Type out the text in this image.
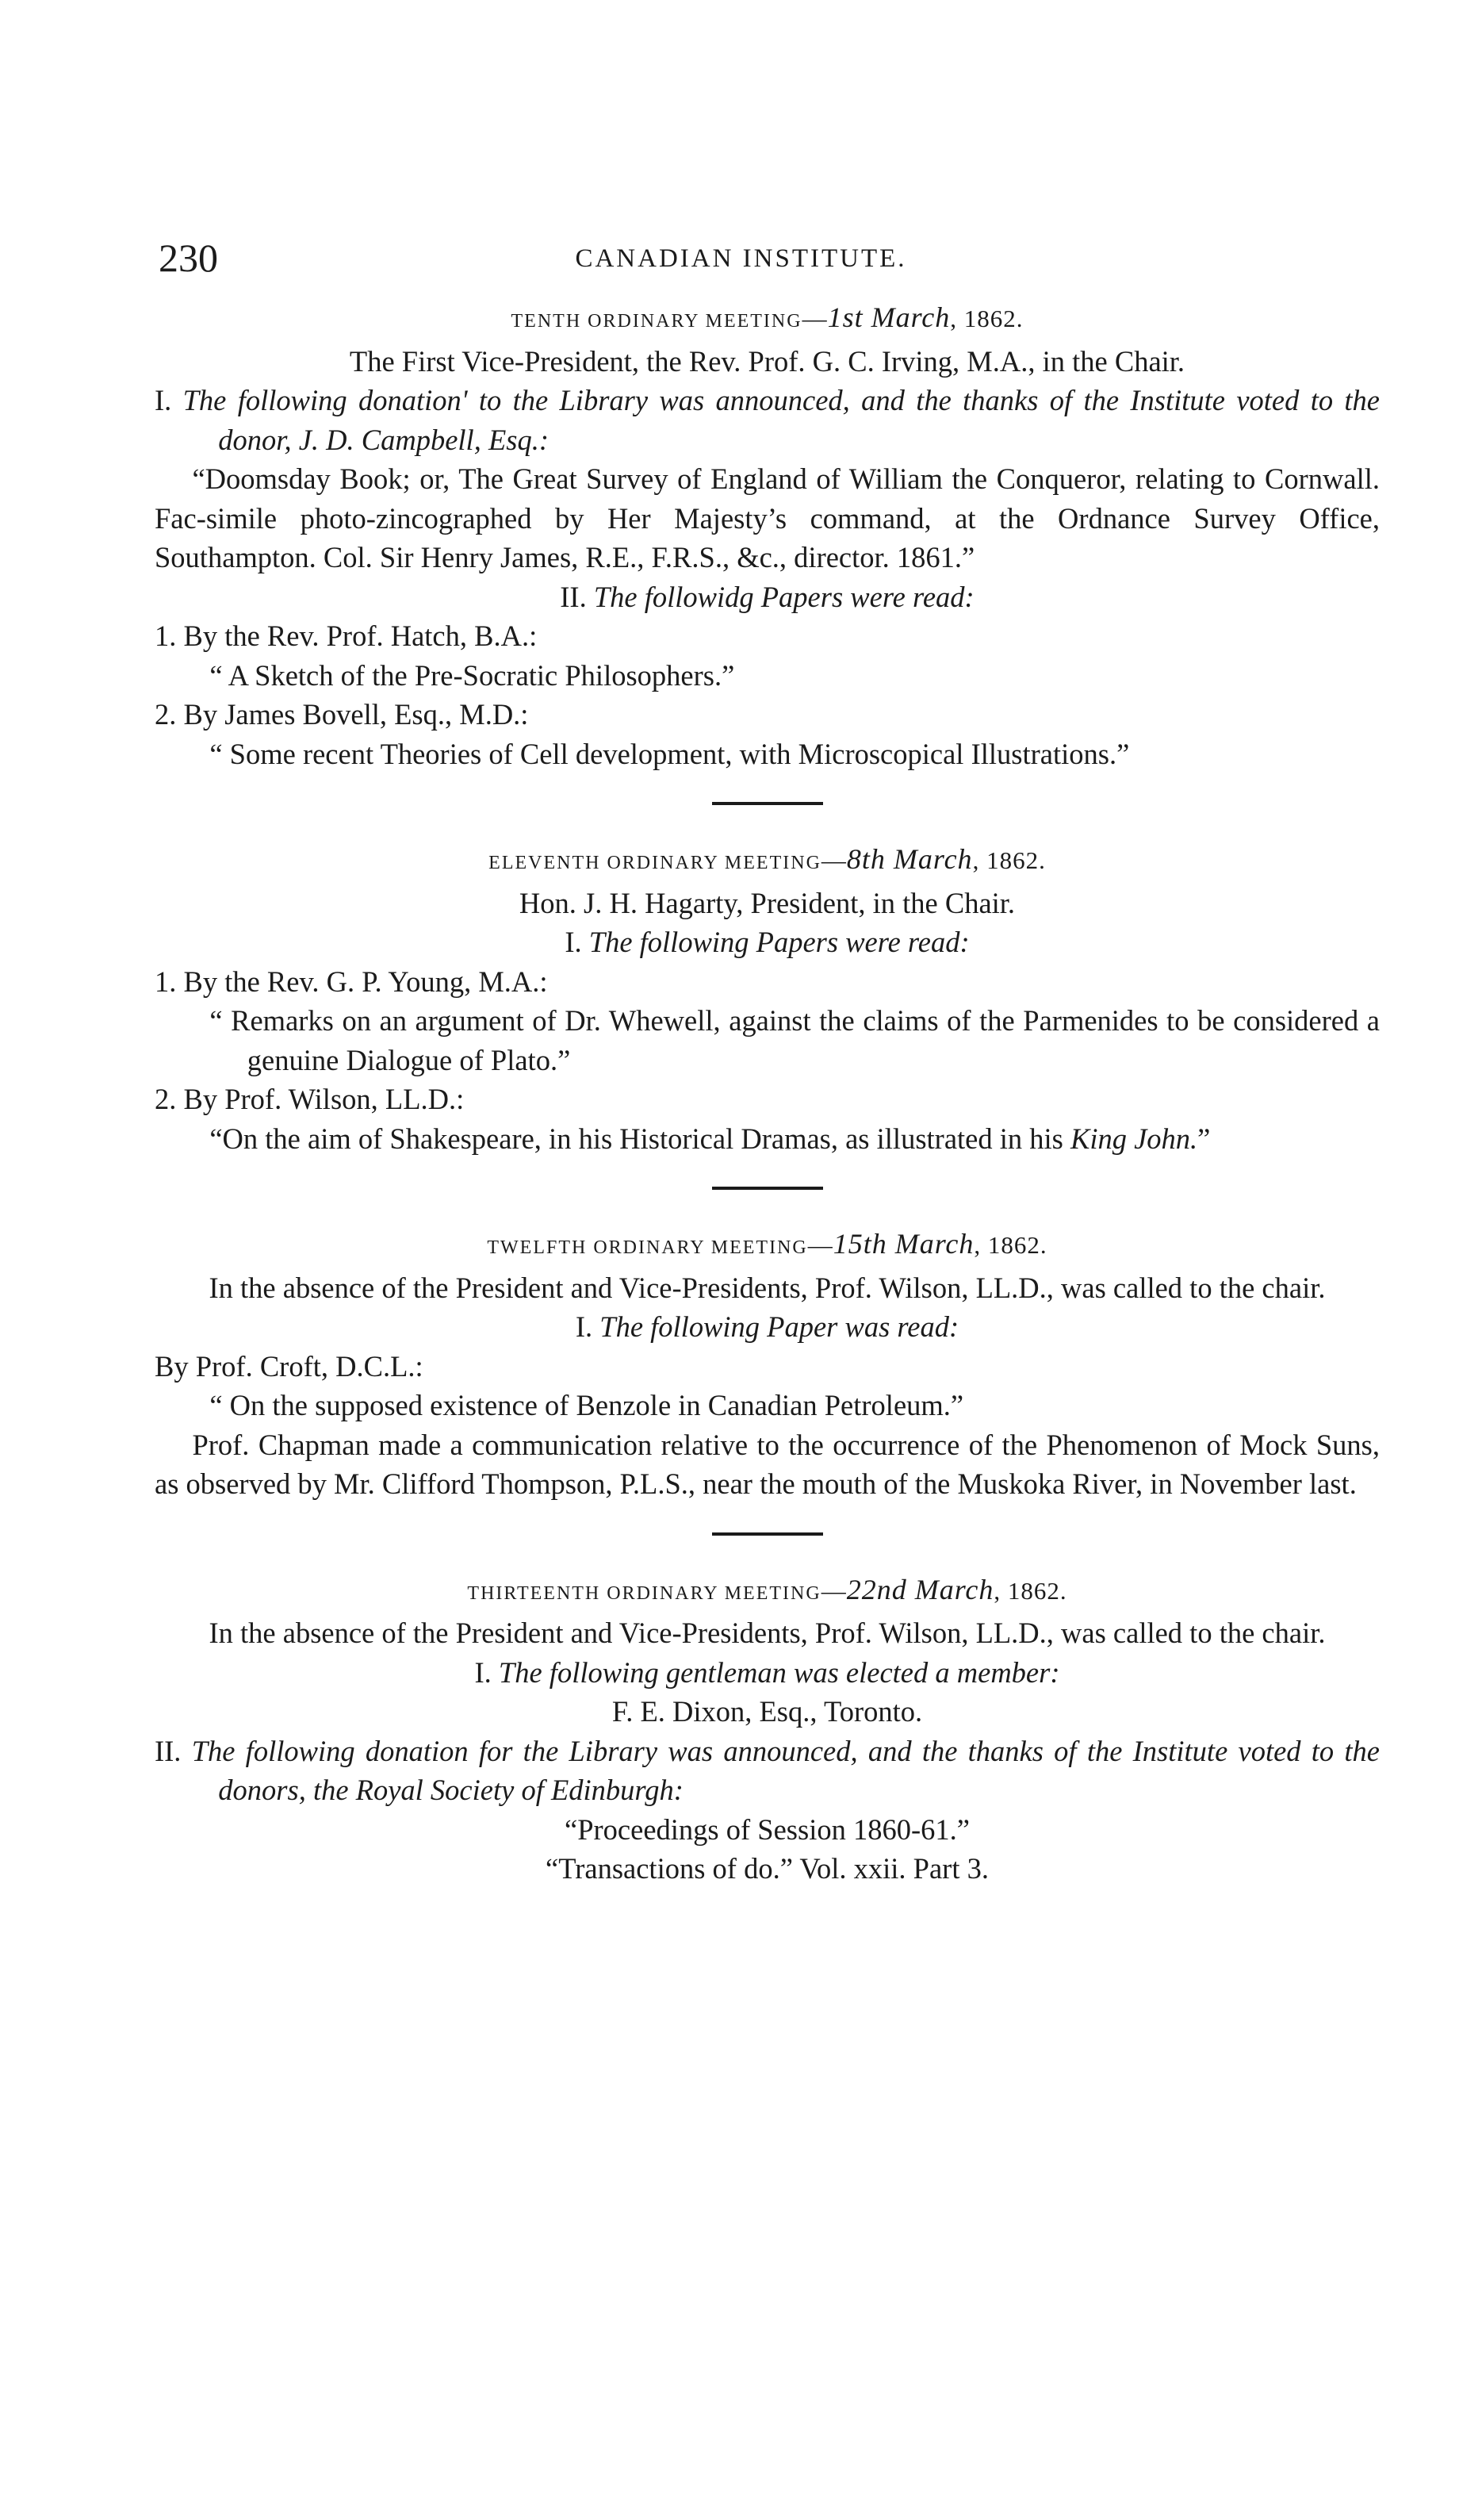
230	CANADIAN INSTITUTE.

TENTH ORDINARY MEETING—1st March, 1862.

The First Vice-President, the Rev. Prof. G. C. Irving, M.A., in the Chair.

I. The following donation' to the Library was announced, and the thanks of the Institute voted to the donor, J. D. Campbell, Esq.:

“Doomsday Book; or, The Great Survey of England of William the Conqueror, relating to Cornwall. Fac-simile photo-zincographed by Her Majesty’s command, at the Ordnance Survey Office, Southampton. Col. Sir Henry James, R.E., F.R.S., &c., director. 1861.”

II. The followidg Papers were read:

1. By the Rev. Prof. Hatch, B.A.:

“ A Sketch of the Pre-Socratic Philosophers.”

2. By James Bovell, Esq., M.D.:

“ Some recent Theories of Cell development, with Microscopical Illustrations.”

ELEVENTH ORDINARY MEETING—8th March, 1862.

Hon. J. H. Hagarty, President, in the Chair.

I. The following Papers were read:

1. By the Rev. G. P. Young, M.A.:

“ Remarks on an argument of Dr. Whewell, against the claims of the Parmenides to be considered a genuine Dialogue of Plato.”

2. By Prof. Wilson, LL.D.:

“On the aim of Shakespeare, in his Historical Dramas, as illustrated in his King John.”

TWELFTH ORDINARY MEETING—15th March, 1862.

In the absence of the President and Vice-Presidents, Prof. Wilson, LL.D., was called to the chair.

I. The following Paper was read:

By Prof. Croft, D.C.L.:

“ On the supposed existence of Benzole in Canadian Petroleum.”

Prof. Chapman made a communication relative to the occurrence of the Phenomenon of Mock Suns, as observed by Mr. Clifford Thompson, P.L.S., near the mouth of the Muskoka River, in November last.

THIRTEENTH ORDINARY MEETING—22nd March, 1862.

In the absence of the President and Vice-Presidents, Prof. Wilson, LL.D., was called to the chair.

I. The following gentleman was elected a member:

F. E. Dixon, Esq., Toronto.

II. The following donation for the Library was announced, and the thanks of the Institute voted to the donors, the Royal Society of Edinburgh:

“Proceedings of Session 1860-61.”

“Transactions of do.” Vol. xxii. Part 3.
